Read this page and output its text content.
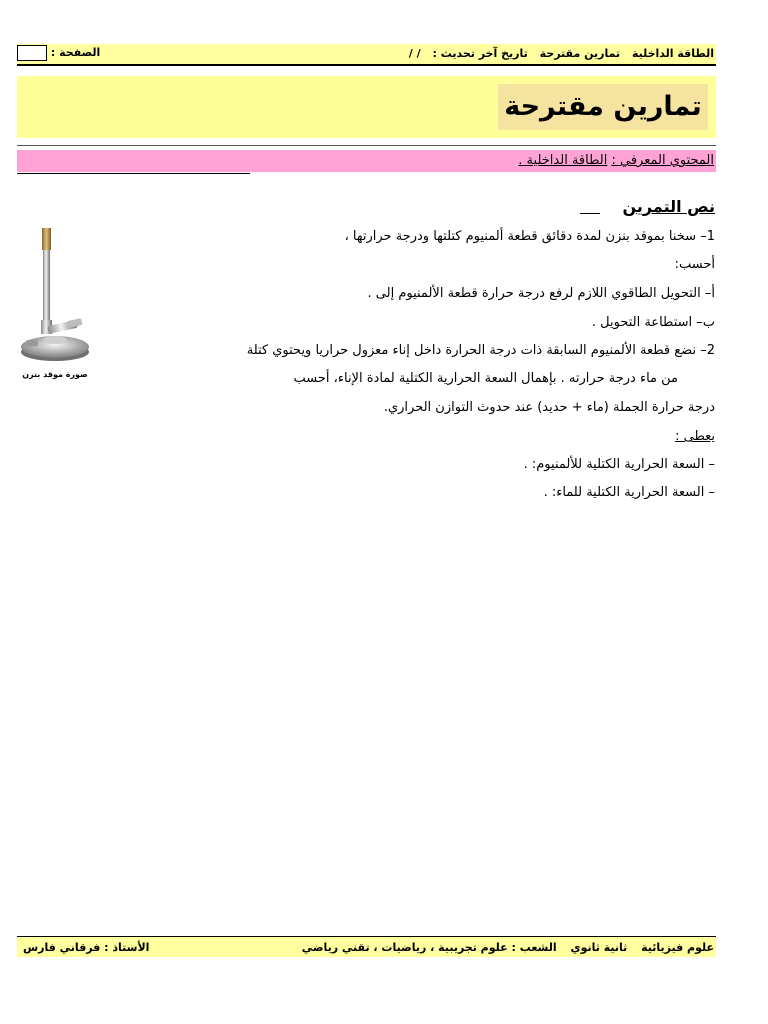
الطاقة الداخلية تمارين مقترحة تاريخ آخر تحديث : / /
الصفحة :
تمارين مقترحة
المحتوي المعرفي : الطاقة الداخلية .
نص التمرين
1– سخنا بموقد بنزن لمدة دقائق قطعة ألمنيوم كتلتها ودرجة حرارتها ،
أحسب:
أ– التحويل الطاقوي اللازم لرفع درجة حرارة قطعة الألمنيوم إلى .
ب– استطاعة التحويل .
2– نضع قطعة الألمنيوم السابقة ذات درجة الحرارة داخل إناء معزول حراريا ويحتوي كتلة
من ماء درجة حرارته . بإهمال السعة الحرارية الكتلية لمادة الإناء، أحسب
درجة حرارة الجملة (ماء + حديد) عند حدوث التوازن الحراري.
يعطى :
– السعة الحرارية الكتلية للألمنيوم: .
– السعة الحرارية الكتلية للماء: .
صورة موقد بنزن
علوم فيزيائية ثانية ثانوي الشعب : علوم تجريبية ، رياضيات ، تقني رياضي
الأستاذ : فرقاني فارس
